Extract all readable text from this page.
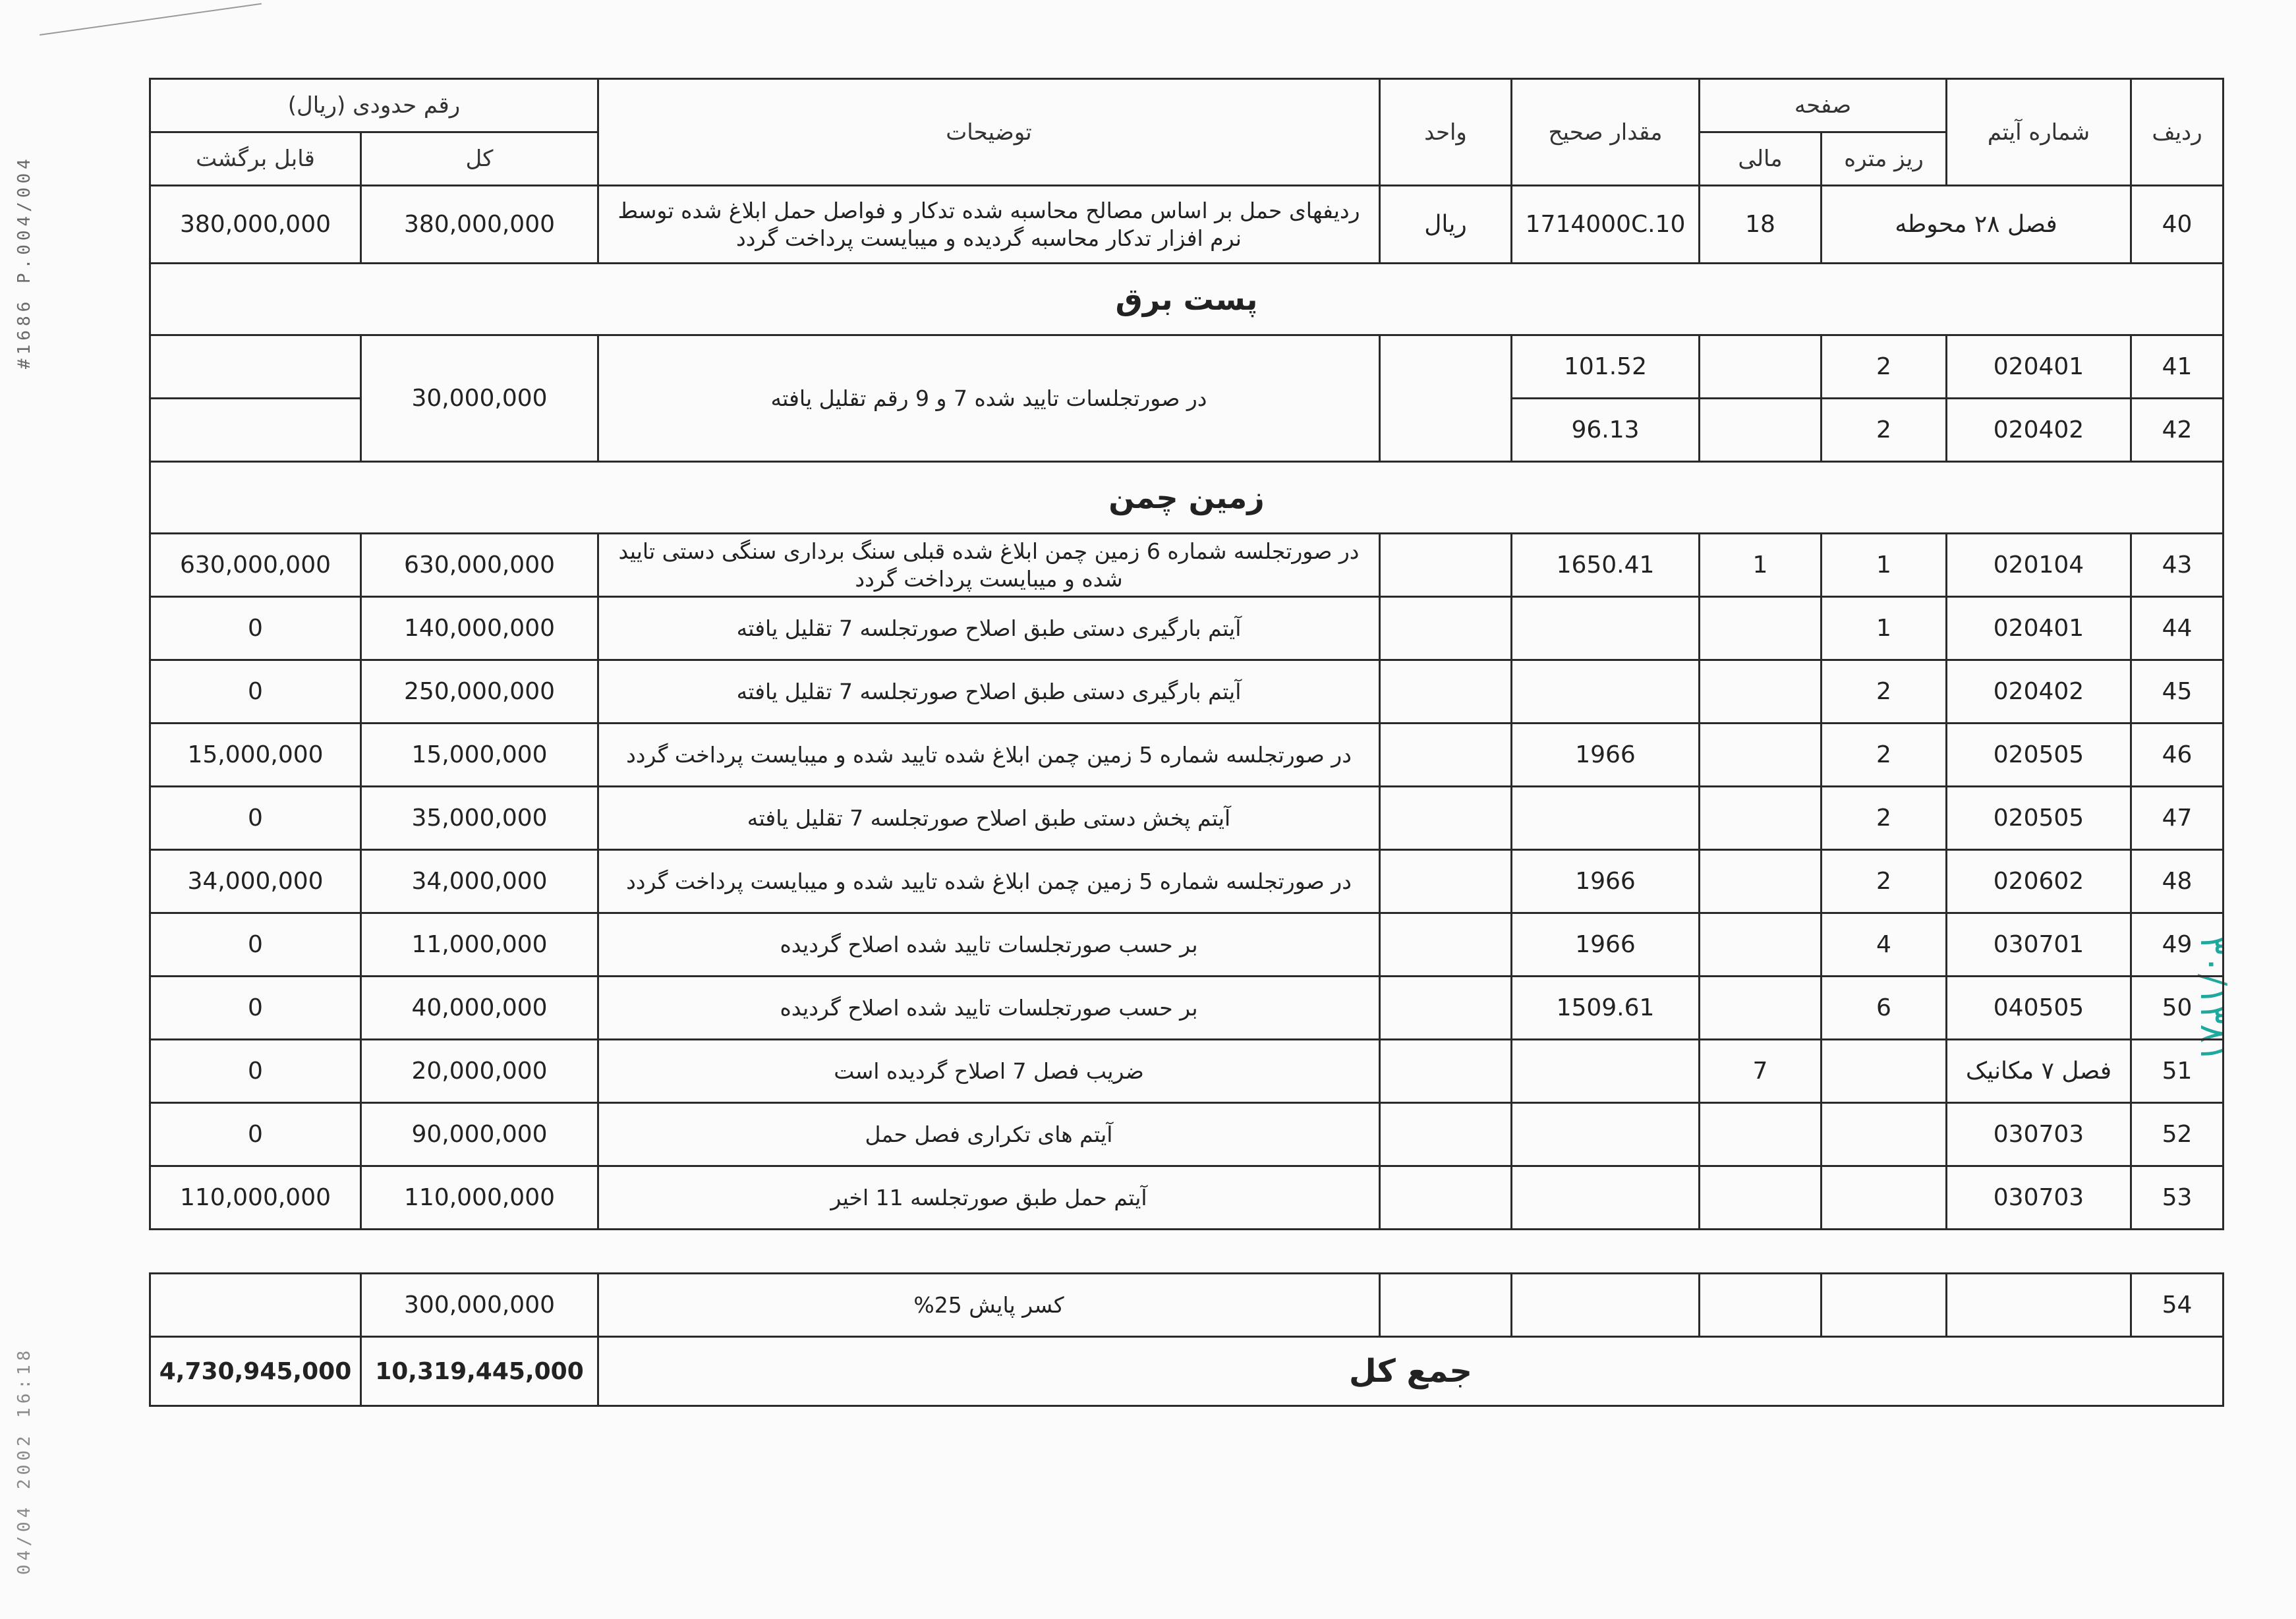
#1686 P.004/004
04/04 2002 16:18
۳۰/۱۳۸۱
ردیف	شماره آیتم	صفحه		مقدار صحیح	واحد	توضیحات	رقم حدودی (ریال)	
		ریز متره	مالی				کل	قابل برگشت
40	فصل ۲۸ محوطه		18	1714000C.10	ریال	ردیفهای حمل بر اساس مصالح محاسبه شده تدکار و فواصل حمل ابلاغ شده توسط نرم افزار تدکار محاسبه گردیده و میبایست پرداخت گردد	380,000,000	380,000,000
پست برق								
41	020401	2		101.52		در صورتجلسات تایید شده 7 و 9 رقم تقلیل یافته	30,000,000	
42	020402	2		96.13				
زمین چمن								
43	020104	1	1	1650.41		در صورتجلسه شماره 6 زمین چمن ابلاغ شده قبلی سنگ برداری سنگی دستی تایید شده و میبایست پرداخت گردد	630,000,000	630,000,000
44	020401	1				آیتم بارگیری دستی طبق اصلاح صورتجلسه 7 تقلیل یافته	140,000,000	0
45	020402	2				آیتم بارگیری دستی طبق اصلاح صورتجلسه 7 تقلیل یافته	250,000,000	0
46	020505	2		1966		در صورتجلسه شماره 5 زمین چمن ابلاغ شده تایید شده و میبایست پرداخت گردد	15,000,000	15,000,000
47	020505	2				آیتم پخش دستی طبق اصلاح صورتجلسه 7 تقلیل یافته	35,000,000	0
48	020602	2		1966		در صورتجلسه شماره 5 زمین چمن ابلاغ شده تایید شده و میبایست پرداخت گردد	34,000,000	34,000,000
49	030701	4		1966		بر حسب صورتجلسات تایید شده اصلاح گردیده	11,000,000	0
50	040505	6		1509.61		بر حسب صورتجلسات تایید شده اصلاح گردیده	40,000,000	0
51	فصل ۷ مکانیک		7			ضریب فصل 7 اصلاح گردیده است	20,000,000	0
52	030703					آیتم های تکراری فصل حمل	90,000,000	0
53	030703					آیتم حمل طبق صورتجلسه 11 اخیر	110,000,000	110,000,000

54						کسر پایش 25%	300,000,000	
جمع کل							10,319,445,000	4,730,945,000
